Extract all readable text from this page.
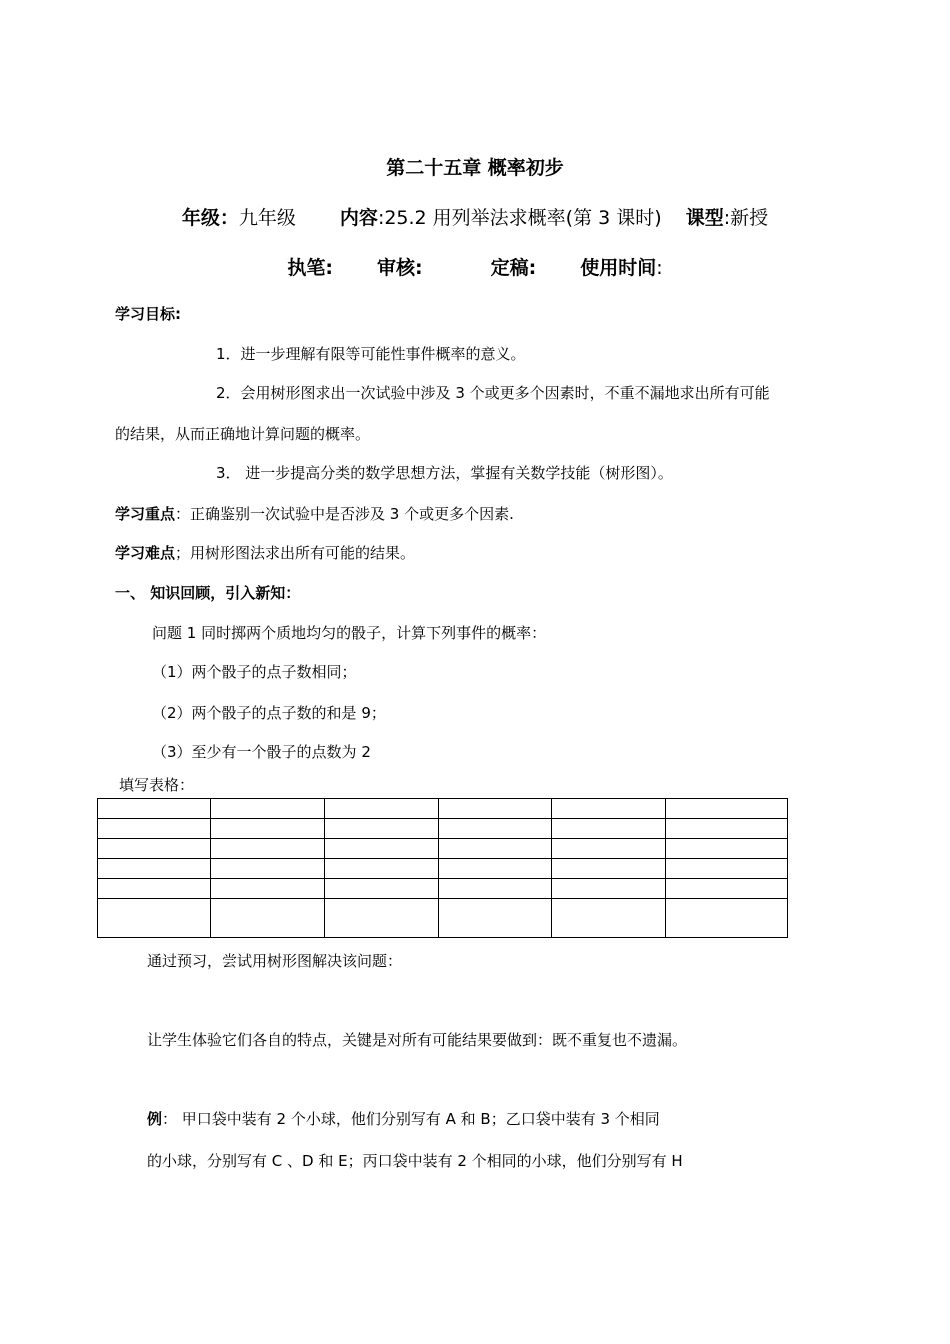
第二十五章 概率初步
年级：九年级 内容:25.2 用列举法求概率(第 3 课时) 课型:新授
执笔: 审核:	定稿: 使用时间:
学习目标:
1．进一步理解有限等可能性事件概率的意义。
2．会用树形图求出一次试验中涉及 3 个或更多个因素时，不重不漏地求出所有可能
的结果，从而正确地计算问题的概率。
3． 进一步提高分类的数学思想方法，掌握有关数学技能（树形图）。
学习重点：正确鉴别一次试验中是否涉及 3 个或更多个因素.
学习难点；用树形图法求出所有可能的结果。
一、 知识回顾，引入新知：
问题 1 同时掷两个质地均匀的骰子，计算下列事件的概率：
（1）两个骰子的点子数相同；
（2）两个骰子的点子数的和是 9；
（3）至少有一个骰子的点数为 2
填写表格：

通过预习，尝试用树形图解决该问题：
让学生体验它们各自的特点，关键是对所有可能结果要做到：既不重复也不遗漏。
例： 甲口袋中装有 2 个小球，他们分别写有 A 和 B；乙口袋中装有 3 个相同
的小球，分别写有 C 、D 和 E；丙口袋中装有 2 个相同的小球，他们分别写有 H
